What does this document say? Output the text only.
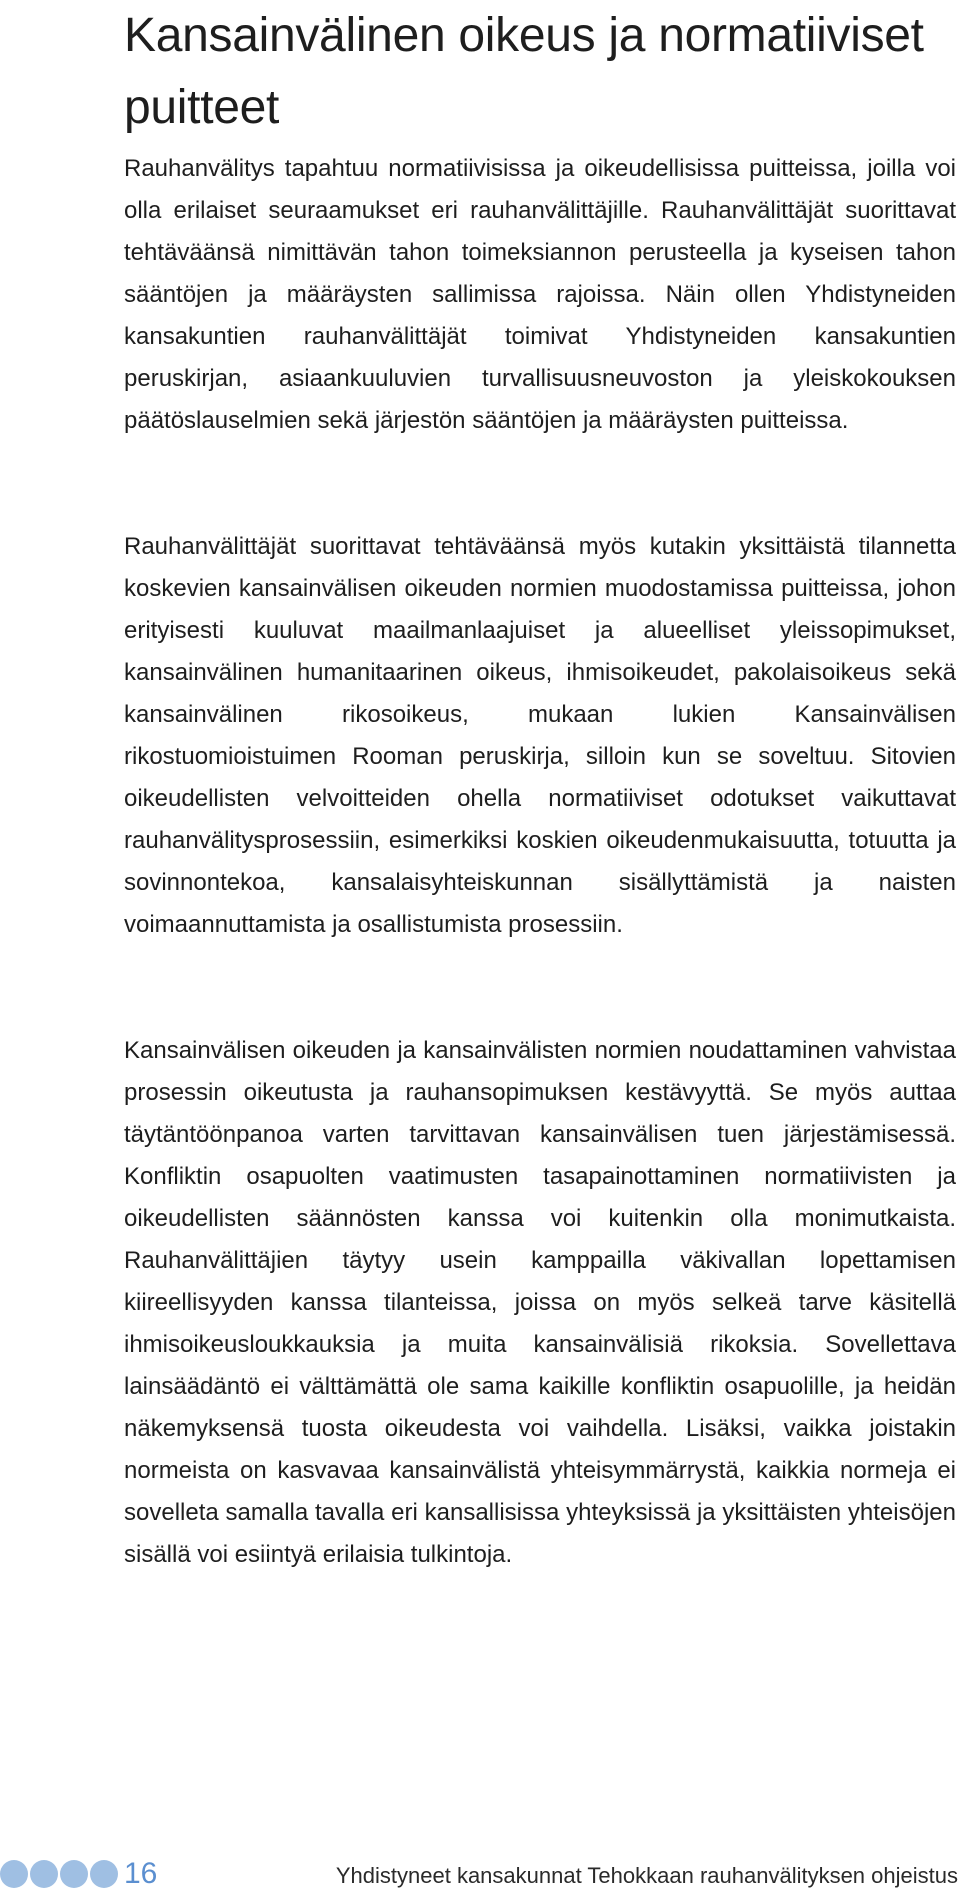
Kansainvälinen oikeus ja normatiiviset puitteet

Rauhanvälitys tapahtuu normatiivisissa ja oikeudellisissa puitteissa, joilla voi olla erilaiset seuraamukset eri rauhanvälittäjille. Rauhanvälittäjät suorittavat tehtäväänsä nimittävän tahon toimeksiannon perusteella ja kyseisen tahon sääntöjen ja määräysten sallimissa rajoissa. Näin ollen Yhdistyneiden kansakuntien rauhanvälittäjät toimivat Yhdistyneiden kansakuntien peruskirjan, asiaankuuluvien turvallisuusneuvoston ja yleiskokouksen päätöslauselmien sekä järjestön sääntöjen ja määräysten puitteissa.

Rauhanvälittäjät suorittavat tehtäväänsä myös kutakin yksittäistä tilannetta koskevien kansainvälisen oikeuden normien muodostamissa puitteissa, johon erityisesti kuuluvat maailmanlaajuiset ja alueelliset yleissopimukset, kansainvälinen humanitaarinen oikeus, ihmisoikeudet, pakolaisoikeus sekä kansainvälinen rikosoikeus, mukaan lukien Kansainvälisen rikostuomioistuimen Rooman peruskirja, silloin kun se soveltuu. Sitovien oikeudellisten velvoitteiden ohella normatiiviset odotukset vaikuttavat rauhanvälitysprosessiin, esimerkiksi koskien oikeudenmukaisuutta, totuutta ja sovinnontekoa, kansalaisyhteiskunnan sisällyttämistä ja naisten voimaannuttamista ja osallistumista prosessiin.

Kansainvälisen oikeuden ja kansainvälisten normien noudattaminen vahvistaa prosessin oikeutusta ja rauhansopimuksen kestävyyttä. Se myös auttaa täytäntöönpanoa varten tarvittavan kansainvälisen tuen järjestämisessä. Konfliktin osapuolten vaatimusten tasapainottaminen normatiivisten ja oikeudellisten säännösten kanssa voi kuitenkin olla monimutkaista. Rauhanvälittäjien täytyy usein kamppailla väkivallan lopettamisen kiireellisyyden kanssa tilanteissa, joissa on myös selkeä tarve käsitellä ihmisoikeusloukkauksia ja muita kansainvälisiä rikoksia. Sovellettava lainsäädäntö ei välttämättä ole sama kaikille konfliktin osapuolille, ja heidän näkemyksensä tuosta oikeudesta voi vaihdella. Lisäksi, vaikka joistakin normeista on kasvavaa kansainvälistä yhteisymmärrystä, kaikkia normeja ei sovelleta samalla tavalla eri kansallisissa yhteyksissä ja yksittäisten yhteisöjen sisällä voi esiintyä erilaisia tulkintoja.

16	Yhdistyneet kansakunnat Tehokkaan rauhanvälityksen ohjeistus
